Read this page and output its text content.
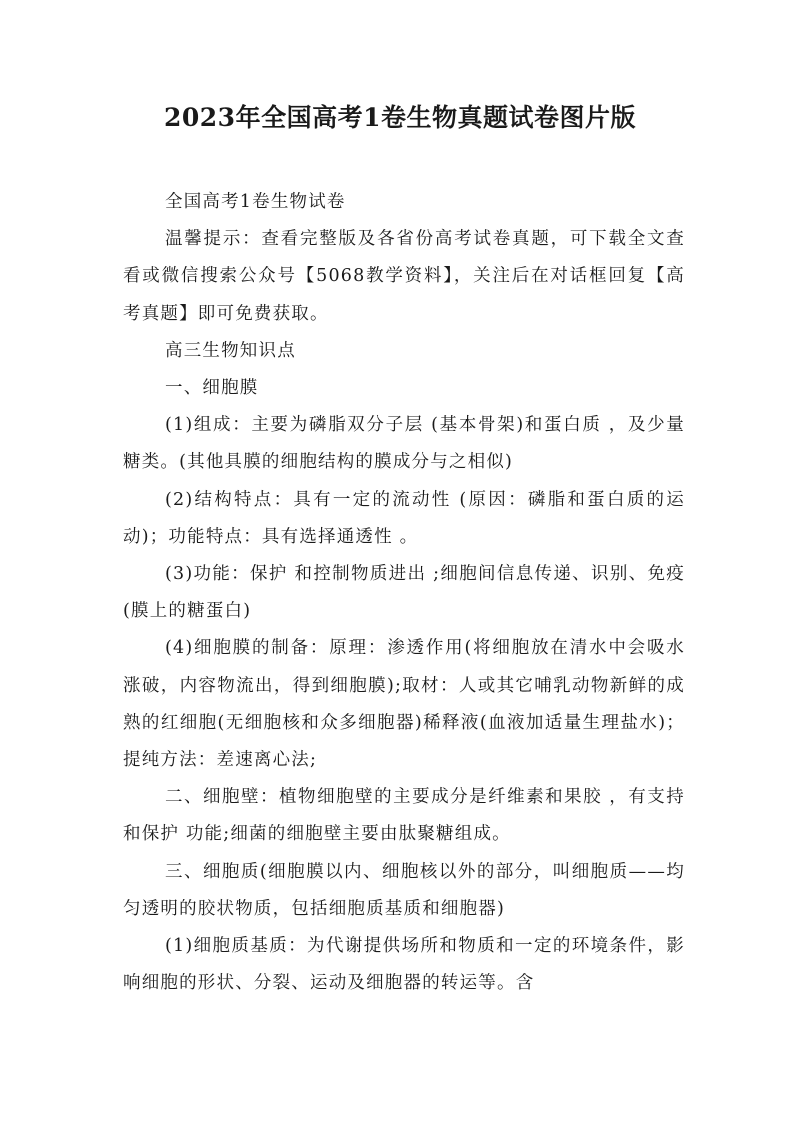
2023年全国高考1卷生物真题试卷图片版

全国高考1卷生物试卷

温馨提示：查看完整版及各省份高考试卷真题，可下载全文查看或微信搜索公众号【5068教学资料】，关注后在对话框回复【高考真题】即可免费获取。

高三生物知识点

一、细胞膜

(1)组成：主要为磷脂双分子层 (基本骨架)和蛋白质 ，及少量糖类。(其他具膜的细胞结构的膜成分与之相似)

(2)结构特点：具有一定的流动性 (原因：磷脂和蛋白质的运动)；功能特点：具有选择通透性 。

(3)功能：保护 和控制物质进出 ;细胞间信息传递、识别、免疫(膜上的糖蛋白)

(4)细胞膜的制备：原理：渗透作用(将细胞放在清水中会吸水涨破，内容物流出，得到细胞膜);取材：人或其它哺乳动物新鲜的成熟的红细胞(无细胞核和众多细胞器)稀释液(血液加适量生理盐水)；提纯方法：差速离心法;

二、细胞壁：植物细胞壁的主要成分是纤维素和果胶 ，有支持 和保护 功能;细菌的细胞壁主要由肽聚糖组成。

三、细胞质(细胞膜以内、细胞核以外的部分，叫细胞质——均匀透明的胶状物质，包括细胞质基质和细胞器)

(1)细胞质基质：为代谢提供场所和物质和一定的环境条件，影响细胞的形状、分裂、运动及细胞器的转运等。含
